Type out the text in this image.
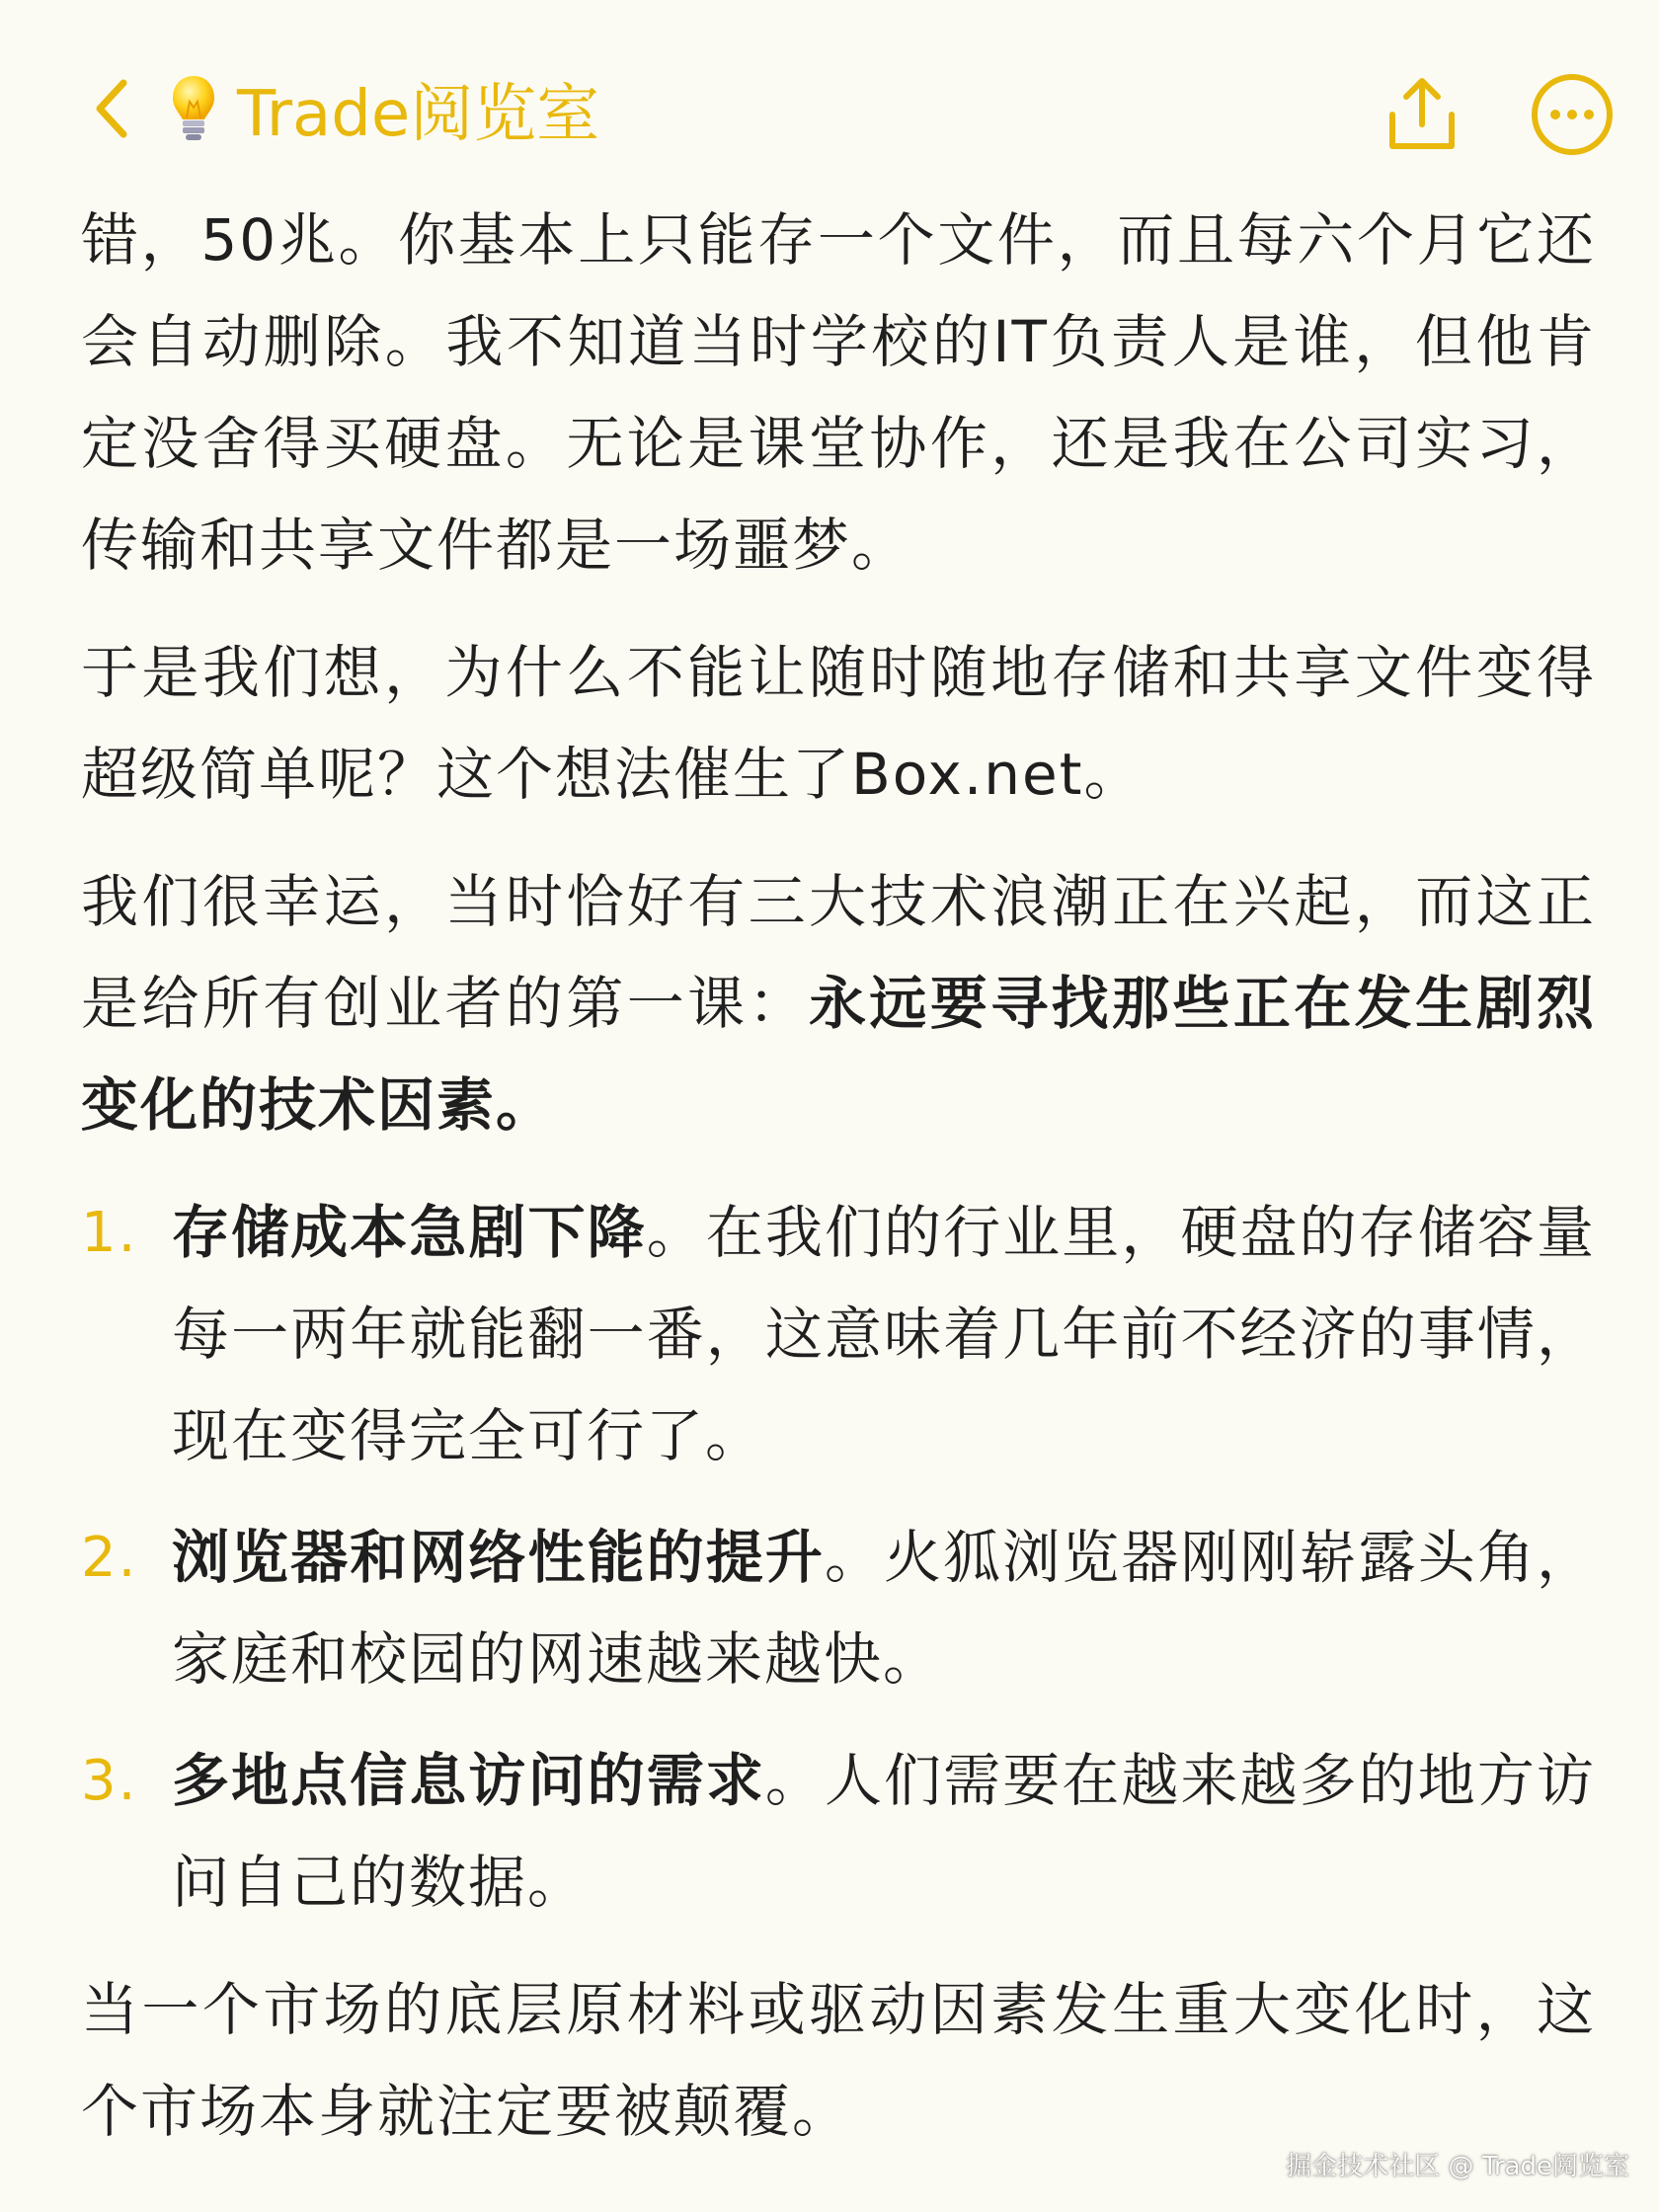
Trade阅览室

错，50兆。你基本上只能存一个文件，而且每六个月它还会自动删除。我不知道当时学校的IT负责人是谁，但他肯定没舍得买硬盘。无论是课堂协作，还是我在公司实习，传输和共享文件都是一场噩梦。

于是我们想，为什么不能让随时随地存储和共享文件变得超级简单呢？这个想法催生了Box.net。

我们很幸运，当时恰好有三大技术浪潮正在兴起，而这正是给所有创业者的第一课：永远要寻找那些正在发生剧烈变化的技术因素。

1. 存储成本急剧下降。在我们的行业里，硬盘的存储容量每一两年就能翻一番，这意味着几年前不经济的事情，现在变得完全可行了。
2. 浏览器和网络性能的提升。火狐浏览器刚刚崭露头角，家庭和校园的网速越来越快。
3. 多地点信息访问的需求。人们需要在越来越多的地方访问自己的数据。

当一个市场的底层原材料或驱动因素发生重大变化时，这个市场本身就注定要被颠覆。

掘金技术社区 @ Trade阅览室
